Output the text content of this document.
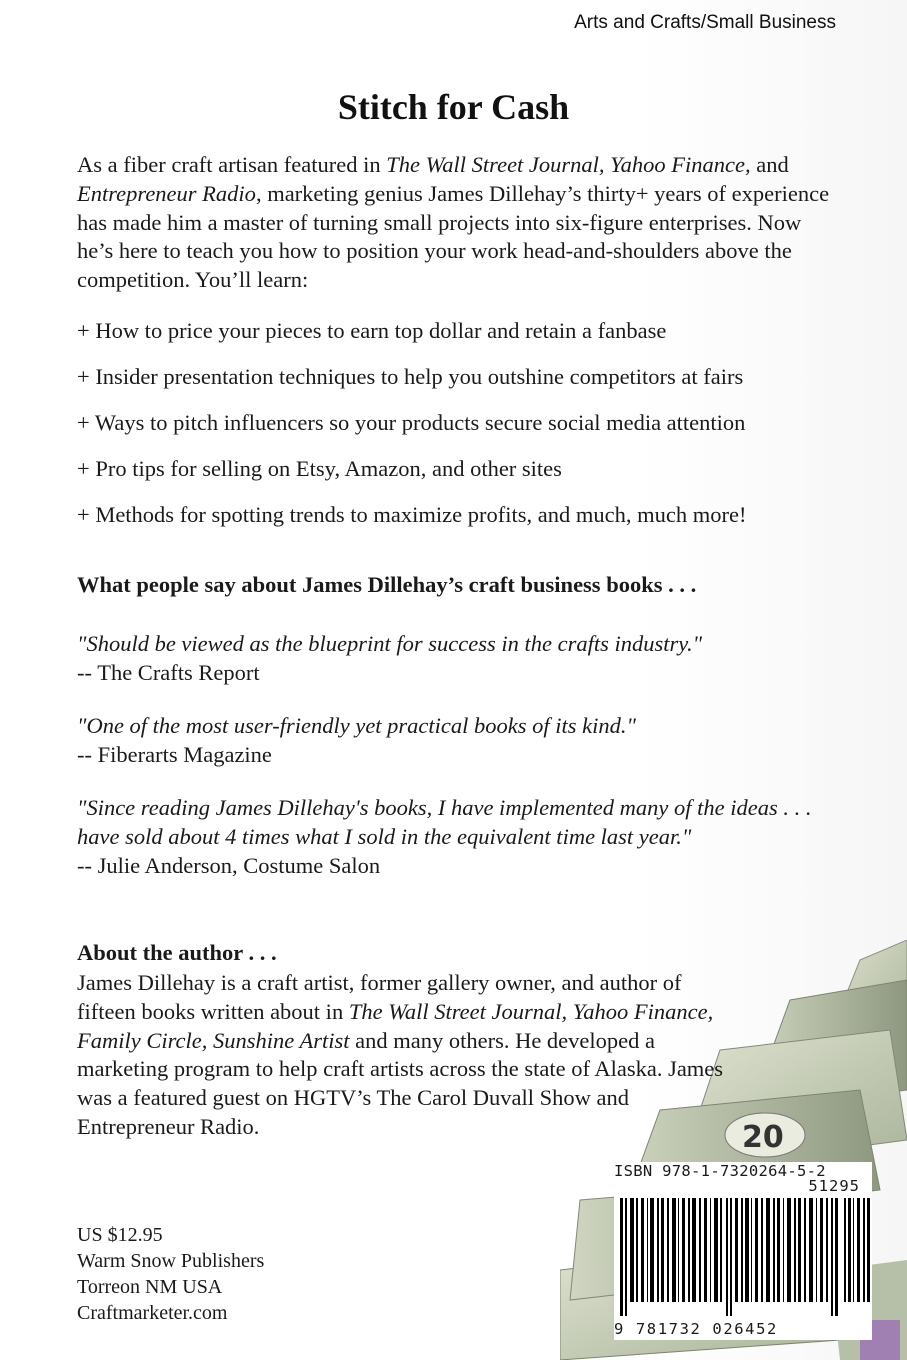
Arts and Crafts/Small Business
Stitch for Cash
As a fiber craft artisan featured in The Wall Street Journal, Yahoo Finance, and Entrepreneur Radio, marketing genius James Dillehay’s thirty+ years of experience has made him a master of turning small projects into six-figure enterprises. Now he’s here to teach you how to position your work head-and-shoulders above the competition. You’ll learn:
+ How to price your pieces to earn top dollar and retain a fanbase
+ Insider presentation techniques to help you outshine competitors at fairs
+ Ways to pitch influencers so your products secure social media attention
+ Pro tips for selling on Etsy, Amazon, and other sites
+ Methods for spotting trends to maximize profits, and much, much more!
What people say about James Dillehay’s craft business books . . .
"Should be viewed as the blueprint for success in the crafts industry."
-- The Crafts Report
"One of the most user-friendly yet practical books of its kind."
-- Fiberarts Magazine
"Since reading James Dillehay's books, I have implemented many of the ideas . . . have sold about 4 times what I sold in the equivalent time last year."
-- Julie Anderson, Costume Salon
About the author . . .
20
James Dillehay is a craft artist, former gallery owner, and author of fifteen books written about in The Wall Street Journal, Yahoo Finance, Family Circle, Sunshine Artist and many others. He developed a marketing program to help craft artists across the state of Alaska. James was a featured guest on HGTV’s The Carol Duvall Show and Entrepreneur Radio.
US $12.95
Warm Snow Publishers
Torreon NM USA
Craftmarketer.com
ISBN 978-1-7320264-5-2
51295
9 781732 026452
